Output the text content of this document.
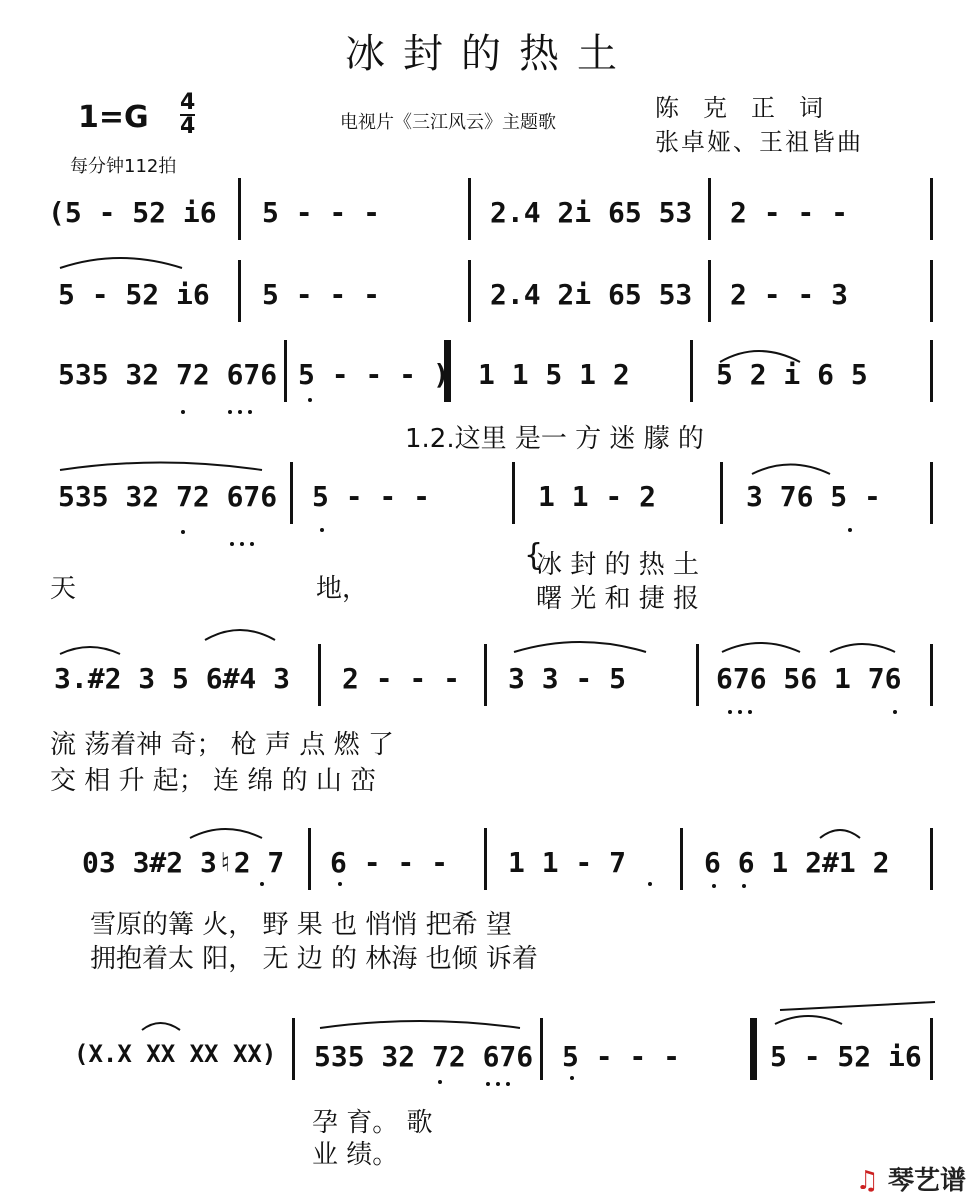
冰封的热土
1=G 4
4	电视片《三江风云》主题歌
陈克正词
张卓娅、王祖皆曲
每分钟112拍
(5 - 52 i6 5 - - -	2.4 2i 65 53 2 - - -
5 - 52 i6 5 - - -	2.4 2i 65 53 2 - - 3
535 32 72 676 5 - - - ) 1 1 5 1 2	5 2 i 6 5
1.2.这里 是一 方 迷 朦 的
535 32 72 676 5 - - -	1 1 - 2	3 76 5 -
天	地，
{
冰 封 的 热 土
曙 光 和 捷 报
3.#2 3 5 6#4 3 2 - - - 3 3 - 5	676 56 1 76
流 荡着神 奇； 枪 声 点 燃 了
交 相 升 起； 连 绵 的 山 峦
03 3#2 3♮2 7 6 - - - 1 1 - 7	6 6 1 2#1 2
雪原的篝 火， 野 果 也 悄悄 把希 望
拥抱着太 阳， 无 边 的 林海 也倾 诉着
(X.X XX XX XX) 535 32 72 676 5 - - -	5 - 52 i6
孕 育。 歌
业 绩。
♫ 琴艺谱
